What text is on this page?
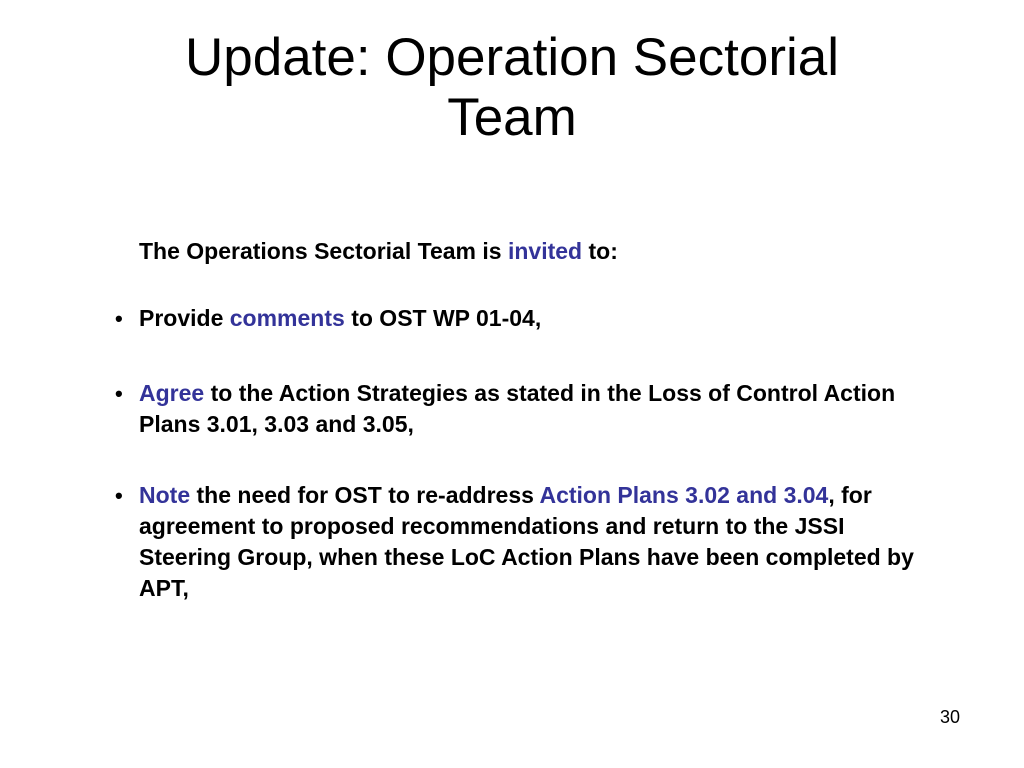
Update: Operation Sectorial
Team

The Operations Sectorial Team is invited to:

• Provide comments to OST WP 01-04,
• Agree to the Action Strategies as stated in the Loss of Control Action Plans 3.01, 3.03 and 3.05,
• Note the need for OST to re-address Action Plans 3.02 and 3.04, for agreement to proposed recommendations and return to the JSSI Steering Group, when these LoC Action Plans have been completed by APT,
30
